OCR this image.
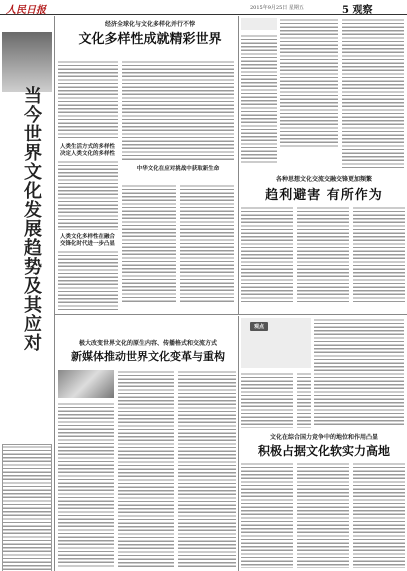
人民日报	2015年9月25日 星期五	5 观察
当今世界文化发展趋势及其应对
经济全球化与文化多样化并行不悖
文化多样性成就精彩世界
人类生活方式的多样性决定人类文化的多样性
人类文化多样性在融合交锋化时代进一步凸显
中华文化在应对挑战中获取新生命
各种思想文化交流交融交锋更加频繁
趋利避害 有所作为
极大改变世界文化的原生内容、传播格式和交流方式
新媒体推动世界文化变革与重构
观点
文化在综合国力竞争中的地位和作用凸显
积极占据文化软实力高地
